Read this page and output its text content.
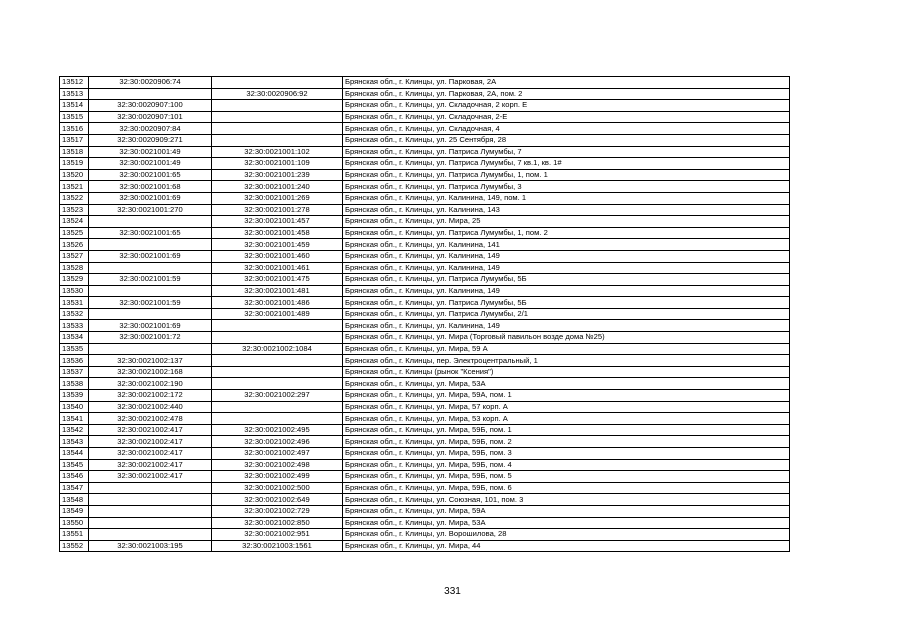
13512	32:30:0020906:74		Брянская обл., г. Клинцы, ул. Парковая, 2А
13513		32:30:0020906:92	Брянская обл., г. Клинцы, ул. Парковая, 2А, пом. 2
13514	32:30:0020907:100		Брянская обл., г. Клинцы, ул. Складочная, 2 корп. Е
13515	32:30:0020907:101		Брянская обл., г. Клинцы, ул. Складочная, 2-Е
13516	32:30:0020907:84		Брянская обл., г. Клинцы, ул. Складочная, 4
13517	32:30:0020909:271		Брянская обл., г. Клинцы, ул. 25 Сентября, 28
13518	32:30:0021001:49	32:30:0021001:102	Брянская обл., г. Клинцы, ул. Патриса Лумумбы, 7
13519	32:30:0021001:49	32:30:0021001:109	Брянская обл., г. Клинцы, ул. Патриса Лумумбы, 7 кв.1, кв. 1#
13520	32:30:0021001:65	32:30:0021001:239	Брянская обл., г. Клинцы, ул. Патриса Лумумбы, 1, пом. 1
13521	32:30:0021001:68	32:30:0021001:240	Брянская обл., г. Клинцы, ул. Патриса Лумумбы, 3
13522	32:30:0021001:69	32:30:0021001:269	Брянская обл., г. Клинцы, ул. Калинина, 149, пом. 1
13523	32:30:0021001:270	32:30:0021001:278	Брянская обл., г. Клинцы, ул. Калинина, 143
13524		32:30:0021001:457	Брянская обл., г. Клинцы, ул. Мира, 25
13525	32:30:0021001:65	32:30:0021001:458	Брянская обл., г. Клинцы, ул. Патриса Лумумбы, 1, пом. 2
13526		32:30:0021001:459	Брянская обл., г. Клинцы, ул. Калинина, 141
13527	32:30:0021001:69	32:30:0021001:460	Брянская обл., г. Клинцы, ул. Калинина, 149
13528		32:30:0021001:461	Брянская обл., г. Клинцы, ул. Калинина, 149
13529	32:30:0021001:59	32:30:0021001:475	Брянская обл., г. Клинцы, ул. Патриса Лумумбы, 5Б
13530		32:30:0021001:481	Брянская обл., г. Клинцы, ул. Калинина, 149
13531	32:30:0021001:59	32:30:0021001:486	Брянская обл., г. Клинцы, ул. Патриса Лумумбы, 5Б
13532		32:30:0021001:489	Брянская обл., г. Клинцы, ул. Патриса Лумумбы, 2/1
13533	32:30:0021001:69		Брянская обл., г. Клинцы, ул. Калинина, 149
13534	32:30:0021001:72		Брянская обл., г. Клинцы, ул. Мира (Торговый павильон возде дома №25)
13535		32:30:0021002:1084	Брянская обл., г. Клинцы, ул. Мира, 59 А
13536	32:30:0021002:137		Брянская обл., г. Клинцы, пер. Электроцентральный, 1
13537	32:30:0021002:168		Брянская обл., г. Клинцы (рынок "Ксения")
13538	32:30:0021002:190		Брянская обл., г. Клинцы, ул. Мира, 53А
13539	32:30:0021002:172	32:30:0021002:297	Брянская обл., г. Клинцы, ул. Мира, 59А, пом. 1
13540	32:30:0021002:440		Брянская обл., г. Клинцы, ул. Мира, 57 корп. А
13541	32:30:0021002:478		Брянская обл., г. Клинцы, ул. Мира, 53 корп. А
13542	32:30:0021002:417	32:30:0021002:495	Брянская обл., г. Клинцы, ул. Мира, 59Б, пом. 1
13543	32:30:0021002:417	32:30:0021002:496	Брянская обл., г. Клинцы, ул. Мира, 59Б, пом. 2
13544	32:30:0021002:417	32:30:0021002:497	Брянская обл., г. Клинцы, ул. Мира, 59Б, пом. 3
13545	32:30:0021002:417	32:30:0021002:498	Брянская обл., г. Клинцы, ул. Мира, 59Б, пом. 4
13546	32:30:0021002:417	32:30:0021002:499	Брянская обл., г. Клинцы, ул. Мира, 59Б, пом. 5
13547		32:30:0021002:500	Брянская обл., г. Клинцы, ул. Мира, 59Б, пом. 6
13548		32:30:0021002:649	Брянская обл., г. Клинцы, ул. Союзная, 101, пом. 3
13549		32:30:0021002:729	Брянская обл., г. Клинцы, ул. Мира, 59А
13550		32:30:0021002:850	Брянская обл., г. Клинцы, ул. Мира, 53А
13551		32:30:0021002:951	Брянская обл., г. Клинцы, ул. Ворошилова, 28
13552	32:30:0021003:195	32:30:0021003:1561	Брянская обл., г. Клинцы, ул. Мира, 44
331
